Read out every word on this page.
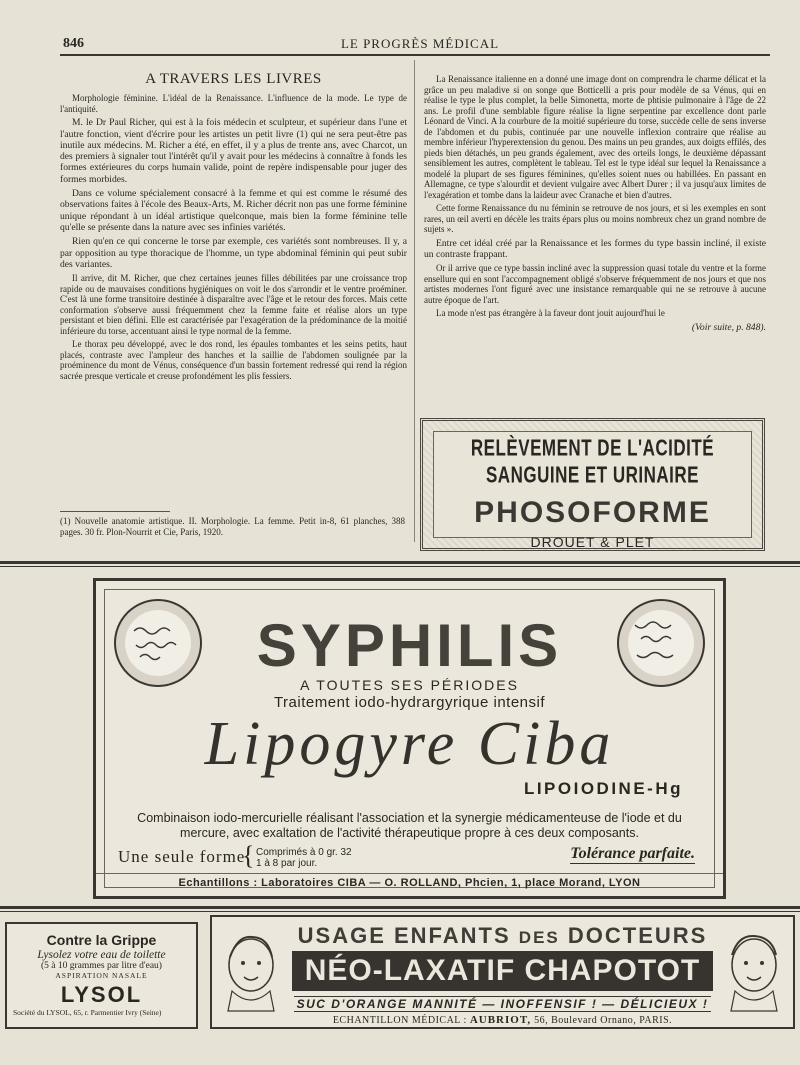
846	LE PROGRÈS MÉDICAL
A TRAVERS LES LIVRES

Morphologie féminine. L'idéal de la Renaissance. L'influence de la mode. Le type de l'antiquité.

M. le Dr Paul Richer, qui est à la fois médecin et sculpteur, et supérieur dans l'une et l'autre fonction, vient d'écrire pour les artistes un petit livre (1) qui ne sera peut-être pas inutile aux médecins. M. Richer a été, en effet, il y a plus de trente ans, avec Charcot, un des premiers à signaler tout l'intérêt qu'il y avait pour les médecins à connaître à fonds les formes extérieures du corps humain valide, point de repère indispensable pour juger des formes morbides.

Dans ce volume spécialement consacré à la femme et qui est comme le résumé des observations faites à l'école des Beaux-Arts, M. Richer décrit non pas une forme féminine unique répondant à un idéal artistique quelconque, mais bien la forme féminine telle qu'elle se présente dans la nature avec ses infinies variétés.

Rien qu'en ce qui concerne le torse par exemple, ces variétés sont nombreuses. Il y, a par opposition au type thoracique de l'homme, un type abdominal féminin qui peut subir des variantes.

Il arrive, dit M. Richer, que chez certaines jeunes filles débilitées par une croissance trop rapide ou de mauvaises conditions hygiéniques on voit le dos s'arrondir et le ventre proéminer. C'est là une forme transitoire destinée à disparaître avec l'âge et le retour des forces. Mais cette conformation s'observe aussi fréquemment chez la femme faite et réalise alors un type persistant et bien défini. Elle est caractérisée par l'exagération de la prédominance de la moitié inférieure du torse, accentuant ainsi le type normal de la femme.

Le thorax peu développé, avec le dos rond, les épaules tombantes et les seins petits, haut placés, contraste avec l'ampleur des hanches et la saillie de l'abdomen soulignée par la proéminence du mont de Vénus, conséquence d'un bassin fortement redressé qui rend la région sacrée presque verticale et creuse profondément les plis fessiers.

(1) Nouvelle anatomie artistique. II. Morphologie. La femme. Petit in-8, 61 planches, 388 pages. 30 fr. Plon-Nourrit et Cie, Paris, 1920.

La Renaissance italienne en a donné une image dont on comprendra le charme délicat et la grâce un peu maladive si on songe que Botticelli a pris pour modèle de sa Vénus, qui en réalise le type le plus complet, la belle Simonetta, morte de phtisie pulmonaire à l'âge de 22 ans. Le profil d'une semblable figure réalise la ligne serpentine par excellence dont parle Léonard de Vinci. A la courbure de la moitié supérieure du torse, succède celle de sens inverse de l'abdomen et du pubis, continuée par une nouvelle inflexion contraire que réalise au membre inférieur l'hyperextension du genou. Des mains un peu grandes, aux doigts effilés, des pieds bien détachés, un peu grands également, avec des orteils longs, le deuxième dépassant sensiblement les autres, complètent le tableau. Tel est le type idéal sur lequel la Renaissance a modelé la plupart de ses figures féminines, qu'elles soient nues ou habillées. En passant en Allemagne, ce type s'alourdit et devient vulgaire avec Albert Durer ; il va jusqu'aux limites de l'exagération et tombe dans la laideur avec Cranache et bien d'autres.

Cette forme Renaissance du nu féminin se retrouve de nos jours, et si les exemples en sont rares, un œil averti en décèle les traits épars plus ou moins nombreux chez un grand nombre de sujets ».

Entre cet idéal créé par la Renaissance et les formes du type bassin incliné, il existe un contraste frappant.

Or il arrive que ce type bassin incliné avec la suppression quasi totale du ventre et la forme ensellure qui en sont l'accompagnement obligé s'observe fréquemment de nos jours et que nos artistes modernes l'ont figuré avec une insistance remarquable qui ne se retrouve à aucune autre époque de l'art.

La mode n'est pas étrangère à la faveur dont jouit aujourd'hui le

(Voir suite, p. 848).
RELÈVEMENT DE L'ACIDITÉ SANGUINE ET URINAIRE
PHOSOFORME
DROUET & PLET
SYPHILIS
A TOUTES SES PÉRIODES
Traitement iodo-hydrargyrique intensif
Lipogyre Ciba
LIPOIODINE-Hg
Combinaison iodo-mercurielle réalisant l'association et la synergie médicamenteuse de l'iode et du mercure, avec exaltation de l'activité thérapeutique propre à ces deux composants.
Une seule forme
{ Comprimés à 0 gr. 32
1 à 8 par jour.
Tolérance parfaite.
Echantillons : Laboratoires CIBA — O. ROLLAND, Phcien, 1, place Morand, LYON
Contre la Grippe
Lysolez votre eau de toilette
(5 à 10 grammes par litre d'eau)
ASPIRATION NASALE
LYSOL
Société du LYSOL, 65, r. Parmentier Ivry (Seine)
USAGE ENFANTS DES DOCTEURS
NÉO-LAXATIF CHAPOTOT
SUC D'ORANGE MANNITÉ — INOFFENSIF ! — DÉLICIEUX !
ECHANTILLON MÉDICAL : AUBRIOT, 56, Boulevard Ornano, PARIS.
